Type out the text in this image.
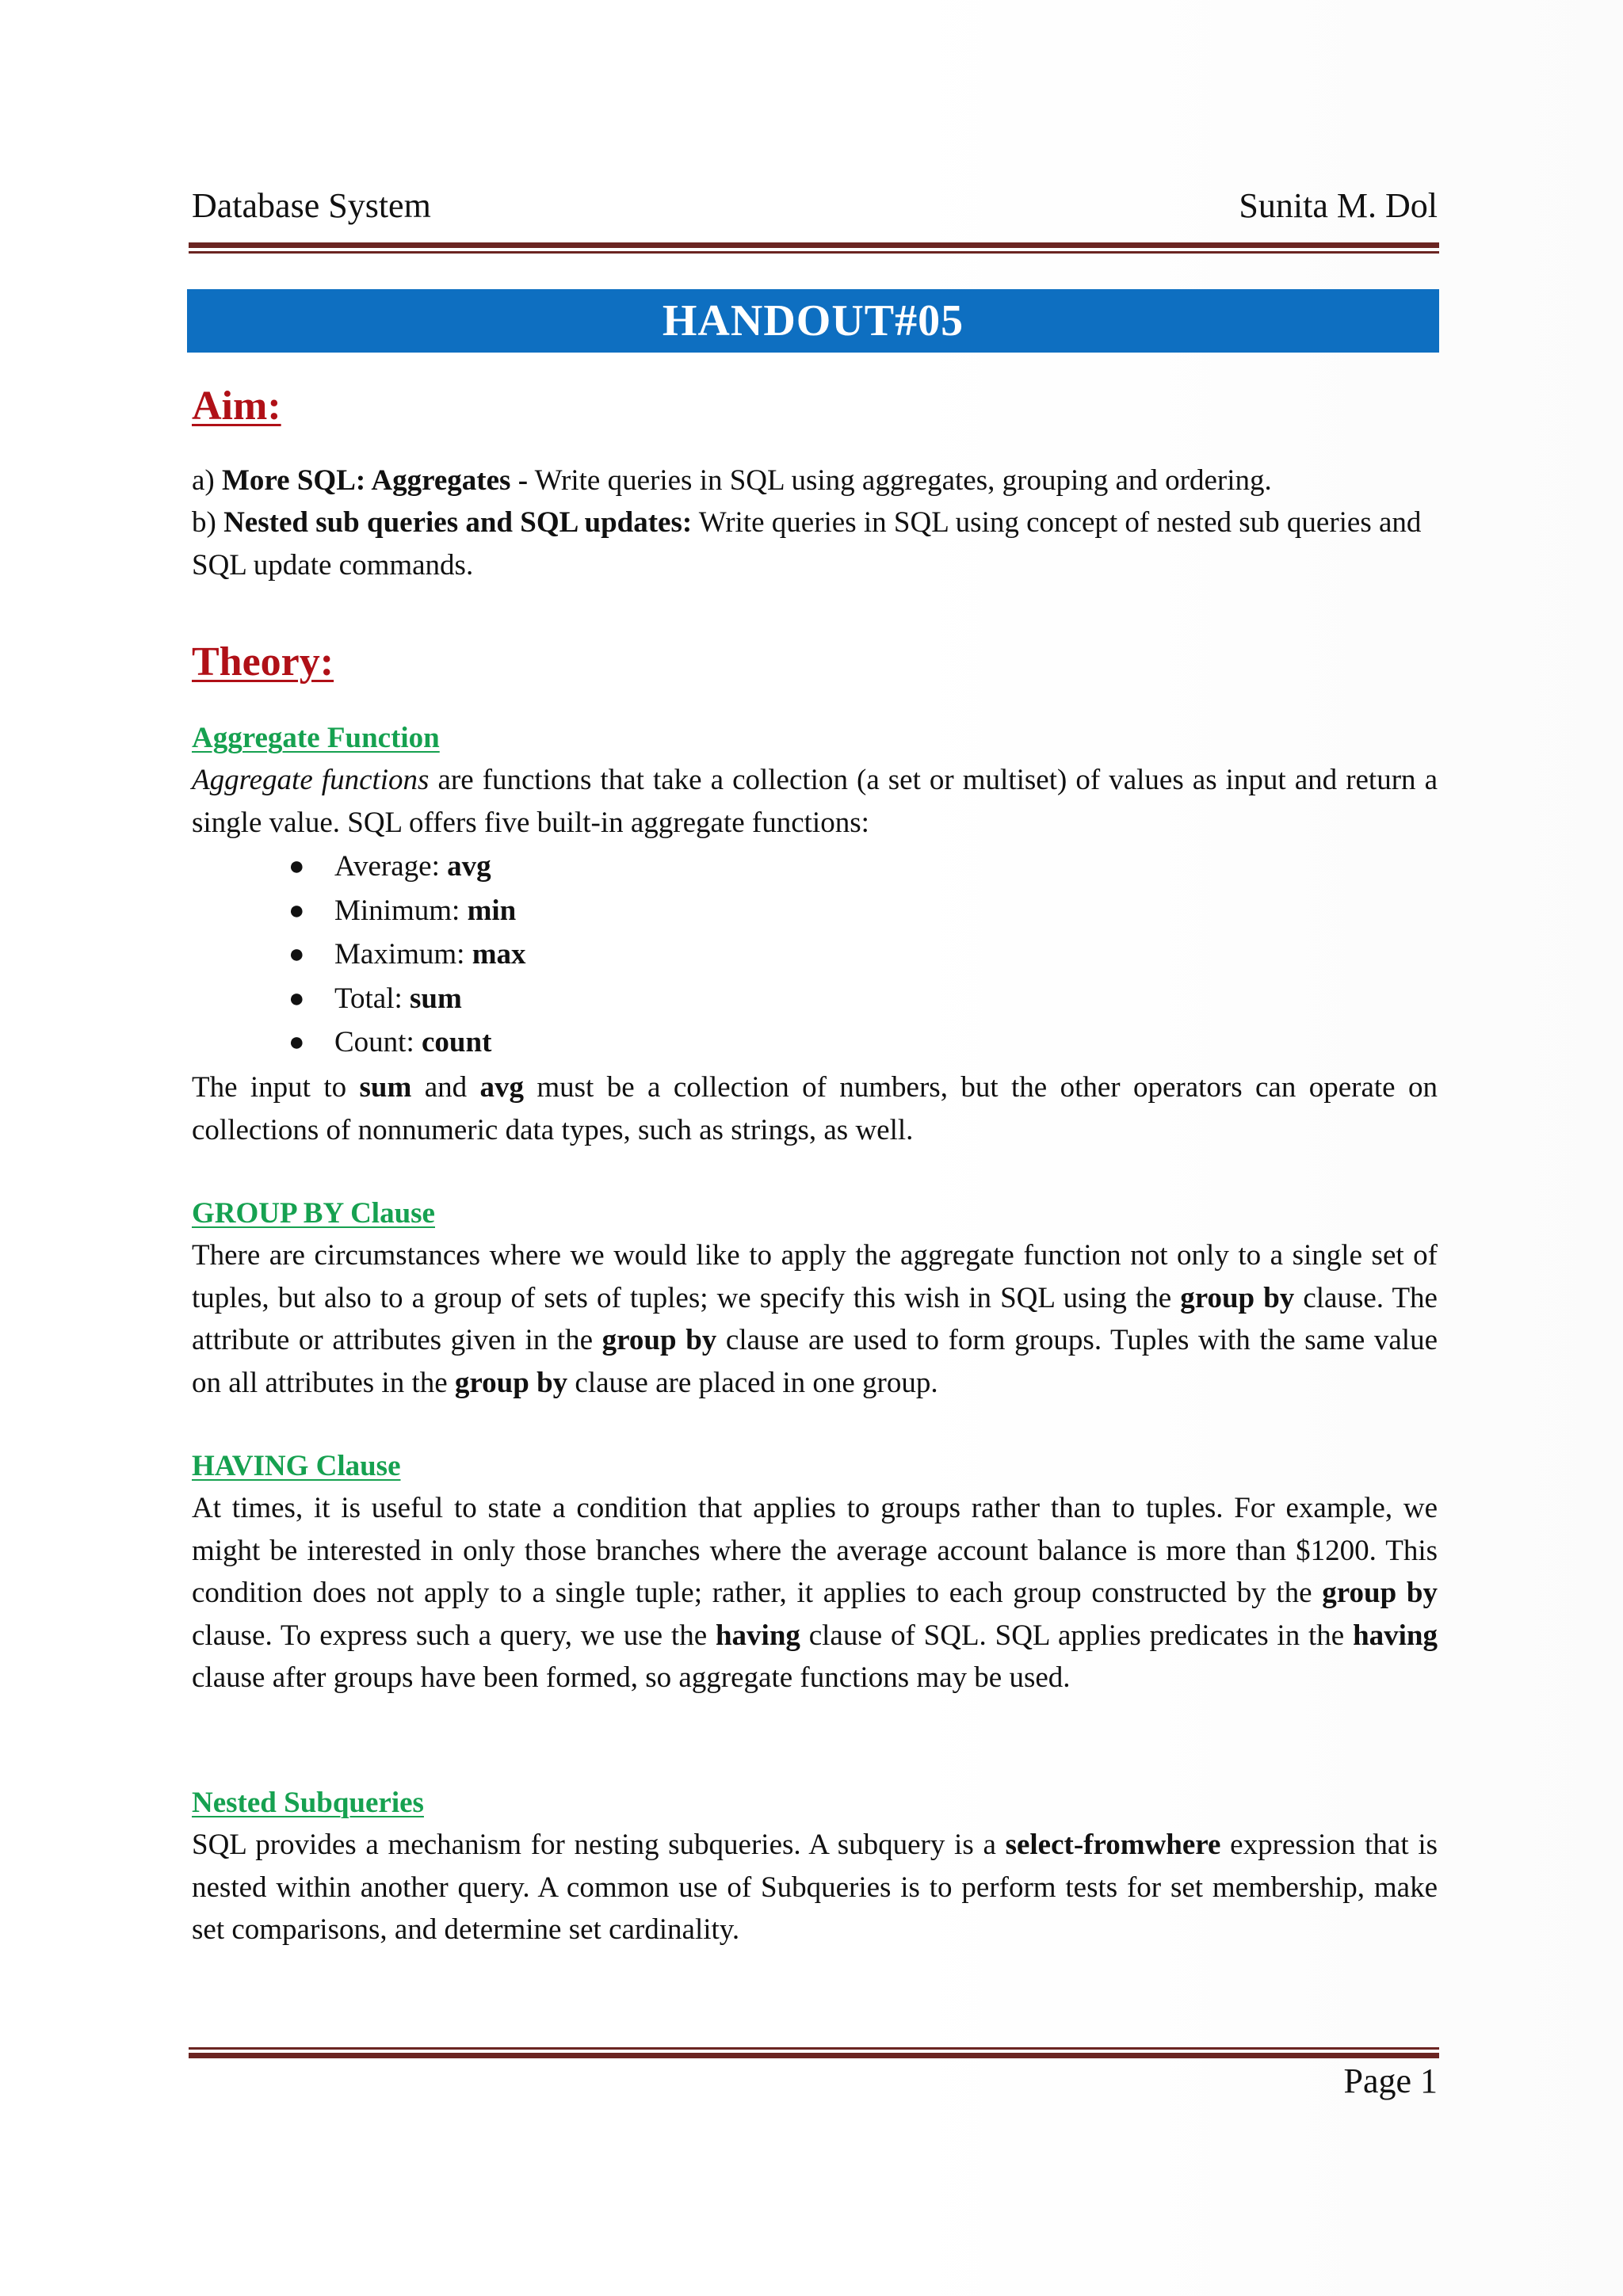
Database System	Sunita M. Dol
HANDOUT#05
Aim:
a) More SQL: Aggregates - Write queries in SQL using aggregates, grouping and ordering.
b) Nested sub queries and SQL updates: Write queries in SQL using concept of nested sub queries and SQL update commands.
Theory:
Aggregate Function
Aggregate functions are functions that take a collection (a set or multiset) of values as input and return a single value. SQL offers five built-in aggregate functions:
● Average: avg
● Minimum: min
● Maximum: max
● Total: sum
● Count: count
The input to sum and avg must be a collection of numbers, but the other operators can operate on collections of nonnumeric data types, such as strings, as well.
GROUP BY Clause
There are circumstances where we would like to apply the aggregate function not only to a single set of tuples, but also to a group of sets of tuples; we specify this wish in SQL using the group by clause. The attribute or attributes given in the group by clause are used to form groups. Tuples with the same value on all attributes in the group by clause are placed in one group.
HAVING Clause
At times, it is useful to state a condition that applies to groups rather than to tuples. For example, we might be interested in only those branches where the average account balance is more than $1200. This condition does not apply to a single tuple; rather, it applies to each group constructed by the group by clause. To express such a query, we use the having clause of SQL. SQL applies predicates in the having clause after groups have been formed, so aggregate functions may be used.
Nested Subqueries
SQL provides a mechanism for nesting subqueries. A subquery is a select-fromwhere expression that is nested within another query. A common use of Subqueries is to perform tests for set membership, make set comparisons, and determine set cardinality.
Page 1
